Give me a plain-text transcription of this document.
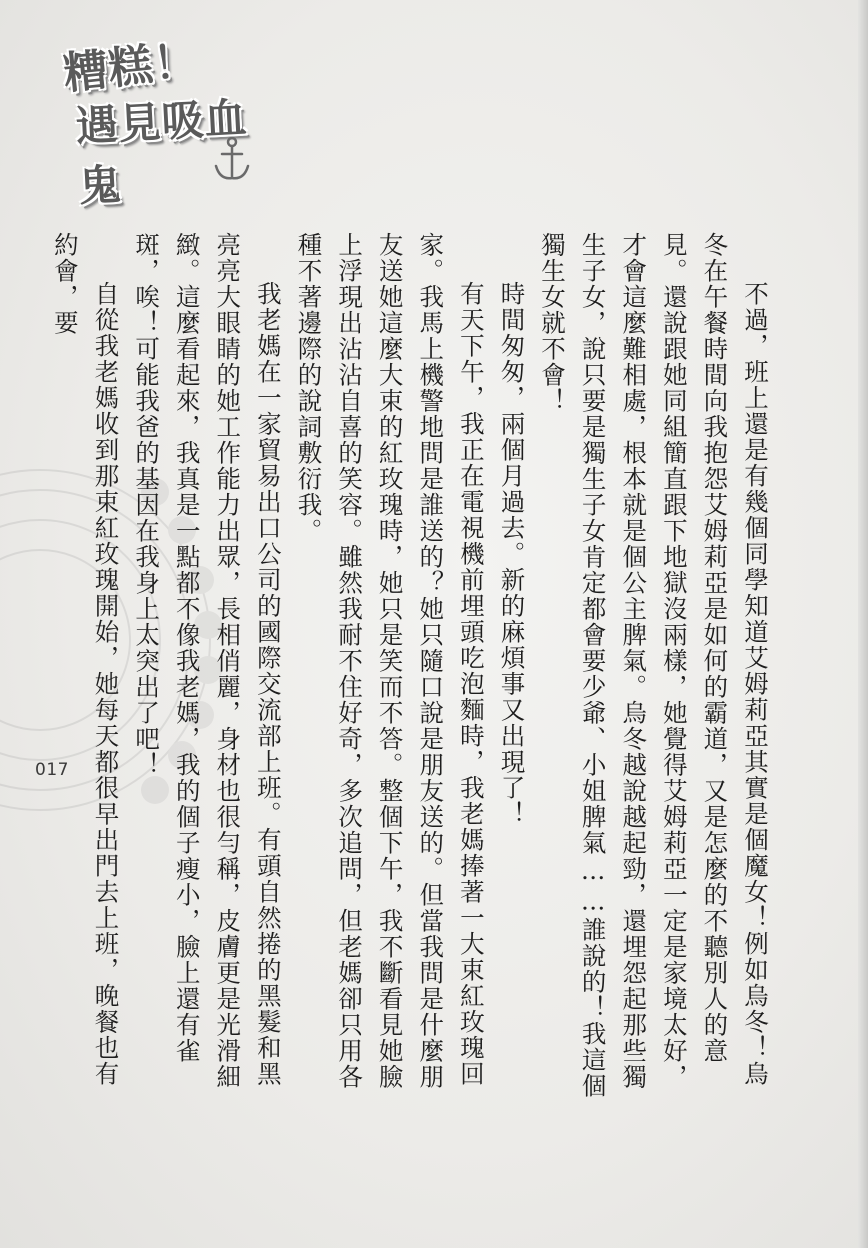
糟糕！
遇見吸血鬼

不過，班上還是有幾個同學知道艾姆莉亞其實是個魔女！例如烏冬！烏冬在午餐時間向我抱怨艾姆莉亞是如何的霸道，又是怎麼的不聽別人的意見。還說跟她同組簡直跟下地獄沒兩樣，她覺得艾姆莉亞一定是家境太好，才會這麼難相處，根本就是個公主脾氣。烏冬越說越起勁，還埋怨起那些獨生子女，說只要是獨生子女肯定都會要少爺、小姐脾氣……誰說的！我這個獨生女就不會！

時間匆匆，兩個月過去。新的麻煩事又出現了！

有天下午，我正在電視機前埋頭吃泡麵時，我老媽捧著一大束紅玫瑰回家。我馬上機警地問是誰送的？她只隨口說是朋友送的。但當我問是什麼朋友送她這麼大束的紅玫瑰時，她只是笑而不答。整個下午，我不斷看見她臉上浮現出沾沾自喜的笑容。雖然我耐不住好奇，多次追問，但老媽卻只用各種不著邊際的說詞敷衍我。

我老媽在一家貿易出口公司的國際交流部上班。有頭自然捲的黑髮和黑亮亮大眼睛的她工作能力出眾，長相俏麗，身材也很勻稱，皮膚更是光滑細緻。這麼看起來，我真是一點都不像我老媽，我的個子瘦小，臉上還有雀斑，唉！可能我爸的基因在我身上太突出了吧！

自從我老媽收到那束紅玫瑰開始，她每天都很早出門去上班，晚餐也有約會，要

017
